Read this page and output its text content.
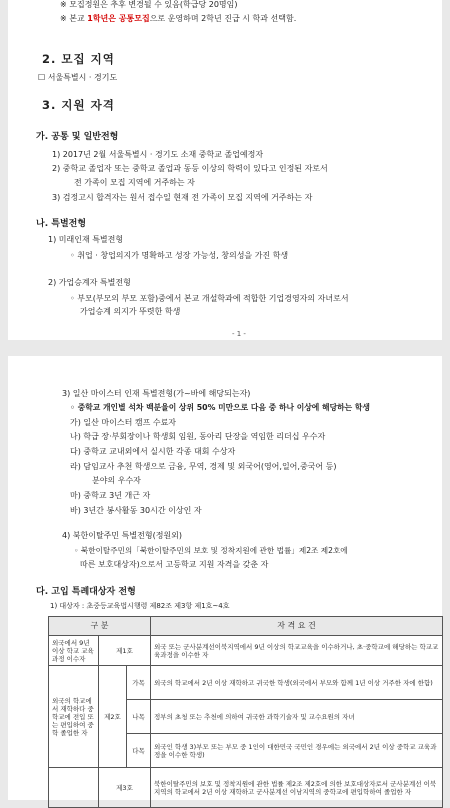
※ 모집정원은 추후 변경될 수 있음(학급당 20명임)
※ 본교 1학년은 공통모집으로 운영하며 2학년 진급 시 학과 선택함.
2. 모집 지역
☐ 서울특별시 · 경기도
3. 지원 자격
가. 공통 및 일반전형
1) 2017년 2월 서울특별시 · 경기도 소재 중학교 졸업예정자
2) 중학교 졸업자 또는 중학교 졸업과 동등 이상의 학력이 있다고 인정된 자로서
전 가족이 모집 지역에 거주하는 자
3) 검정고시 합격자는 원서 접수일 현재 전 가족이 모집 지역에 거주하는 자
나. 특별전형
1) 미래인재 특별전형
◦ 취업 · 창업의지가 명확하고 성장 가능성, 창의성을 가진 학생
2) 가업승계자 특별전형
◦ 부모(부모의 부모 포함)중에서 본교 개설학과에 적합한 기업경영자의 자녀로서
가업승계 의지가 뚜렷한 학생
- 1 -
3) 일산 마이스터 인재 특별전형(가~바에 해당되는자)
◦ 중학교 개인별 석차 백분율이 상위 50% 미만으로 다음 중 하나 이상에 해당하는 학생
가) 일산 마이스터 캠프 수료자
나) 학급 장·부회장이나 학생회 임원, 동아리 단장을 역임한 리더십 우수자
다) 중학교 교내외에서 실시한 각종 대회 수상자
라) 담임교사 추천 학생으로 금융, 무역, 경제 및 외국어(영어,일어,중국어 등)
분야의 우수자
마) 중학교 3년 개근 자
바) 3년간 봉사활동 30시간 이상인 자
4) 북한이탈주민 특별전형(정원외)
◦ 북한이탈주민의「북한이탈주민의 보호 및 정착지원에 관한 법률」제2조 제2호에
따른 보호대상자)으로서 고등학교 지원 자격을 갖춘 자
다. 고입 특례대상자 전형
1) 대상자 : 초중등교육법시행령 제82조 제3항 제1호~4호
구 분			자 격 요 건
외국에서 9년 이상 학교 교육과정 이수자	제1호		외국 또는 군사분계선이북지역에서 9년 이상의 학교교육을 이수하거나, 초·중학교에 해당하는 학교교육과정을 이수한 자
외국의 학교에서 재학하다 중학교에 전입 또는 편입하여 중학 졸업한 자	제2호	가목	외국의 학교에서 2년 이상 재학하고 귀국한 학생(외국에서 부모와 함께 1년 이상 거주한 자에 한함)
		나목	정부의 초청 또는 추천에 의하여 귀국한 과학기술자 및 교수요원의 자녀
		다목	외국인 학생 3)부모 또는 부모 중 1인이 대한민국 국민인 경우에는 외국에서 2년 이상 중학교 교육과정을 이수한 학생)
	제3호		북한이탈주민의 보호 및 정착지원에 관한 법률 제2조 제2호에 의한 보호대상자로서 군사분계선 이북지역의 학교에서 2년 이상 재학하고 군사분계선 이남지역의 중학교에 편입학하여 졸업한 자
